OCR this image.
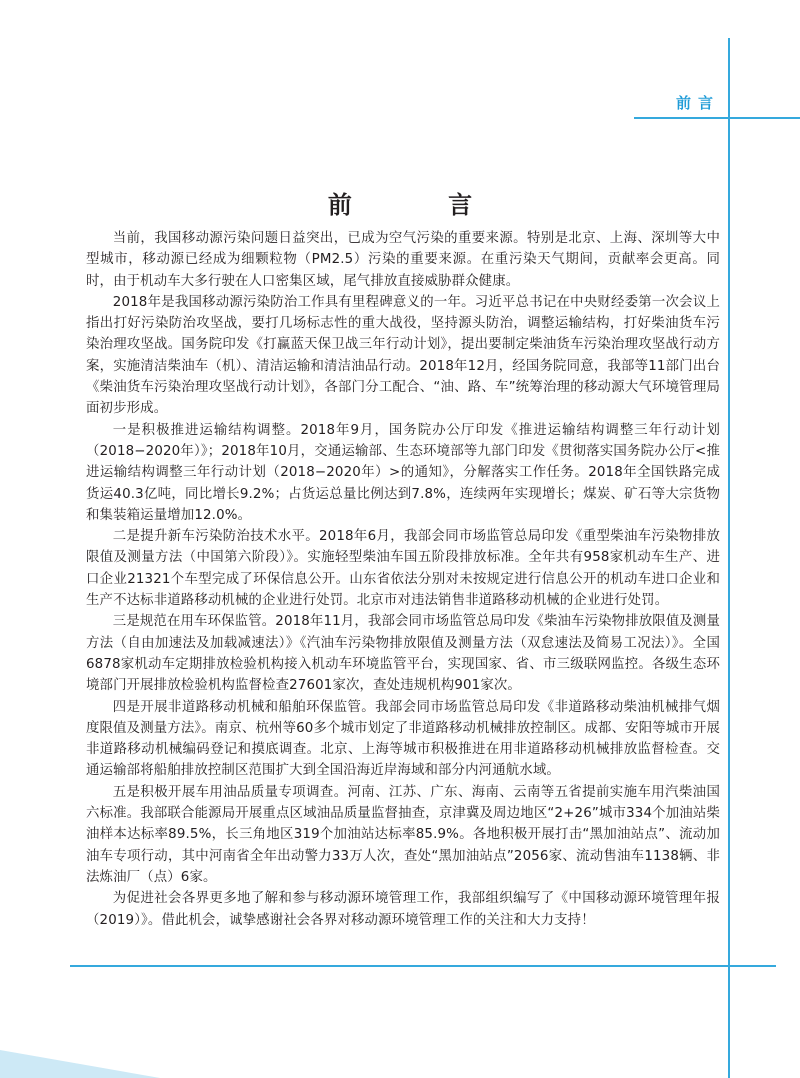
前言
前 言

当前，我国移动源污染问题日益突出，已成为空气污染的重要来源。特别是北京、上海、深圳等大中型城市，移动源已经成为细颗粒物（PM2.5）污染的重要来源。在重污染天气期间，贡献率会更高。同时，由于机动车大多行驶在人口密集区域，尾气排放直接威胁群众健康。

2018年是我国移动源污染防治工作具有里程碑意义的一年。习近平总书记在中央财经委第一次会议上指出打好污染防治攻坚战，要打几场标志性的重大战役，坚持源头防治，调整运输结构，打好柴油货车污染治理攻坚战。国务院印发《打赢蓝天保卫战三年行动计划》，提出要制定柴油货车污染治理攻坚战行动方案，实施清洁柴油车（机）、清洁运输和清洁油品行动。2018年12月，经国务院同意，我部等11部门出台《柴油货车污染治理攻坚战行动计划》，各部门分工配合、“油、路、车”统筹治理的移动源大气环境管理局面初步形成。

一是积极推进运输结构调整。2018年9月，国务院办公厅印发《推进运输结构调整三年行动计划（2018−2020年）》；2018年10月，交通运输部、生态环境部等九部门印发《贯彻落实国务院办公厅<推进运输结构调整三年行动计划（2018−2020年）>的通知》，分解落实工作任务。2018年全国铁路完成货运40.3亿吨，同比增长9.2%；占货运总量比例达到7.8%，连续两年实现增长；煤炭、矿石等大宗货物和集装箱运量增加12.0%。

二是提升新车污染防治技术水平。2018年6月，我部会同市场监管总局印发《重型柴油车污染物排放限值及测量方法（中国第六阶段）》。实施轻型柴油车国五阶段排放标准。全年共有958家机动车生产、进口企业21321个车型完成了环保信息公开。山东省依法分别对未按规定进行信息公开的机动车进口企业和生产不达标非道路移动机械的企业进行处罚。北京市对违法销售非道路移动机械的企业进行处罚。

三是规范在用车环保监管。2018年11月，我部会同市场监管总局印发《柴油车污染物排放限值及测量方法（自由加速法及加载减速法）》《汽油车污染物排放限值及测量方法（双怠速法及简易工况法）》。全国6878家机动车定期排放检验机构接入机动车环境监管平台，实现国家、省、市三级联网监控。各级生态环境部门开展排放检验机构监督检查27601家次，查处违规机构901家次。

四是开展非道路移动机械和船舶环保监管。我部会同市场监管总局印发《非道路移动柴油机械排气烟度限值及测量方法》。南京、杭州等60多个城市划定了非道路移动机械排放控制区。成都、安阳等城市开展非道路移动机械编码登记和摸底调查。北京、上海等城市积极推进在用非道路移动机械排放监督检查。交通运输部将船舶排放控制区范围扩大到全国沿海近岸海域和部分内河通航水域。

五是积极开展车用油品质量专项调查。河南、江苏、广东、海南、云南等五省提前实施车用汽柴油国六标准。我部联合能源局开展重点区域油品质量监督抽查，京津冀及周边地区“2+26”城市334个加油站柴油样本达标率89.5%，长三角地区319个加油站达标率85.9%。各地积极开展打击“黑加油站点”、流动加油车专项行动，其中河南省全年出动警力33万人次，查处“黑加油站点”2056家、流动售油车1138辆、非法炼油厂（点）6家。

为促进社会各界更多地了解和参与移动源环境管理工作，我部组织编写了《中国移动源环境管理年报（2019）》。借此机会，诚挚感谢社会各界对移动源环境管理工作的关注和大力支持！
